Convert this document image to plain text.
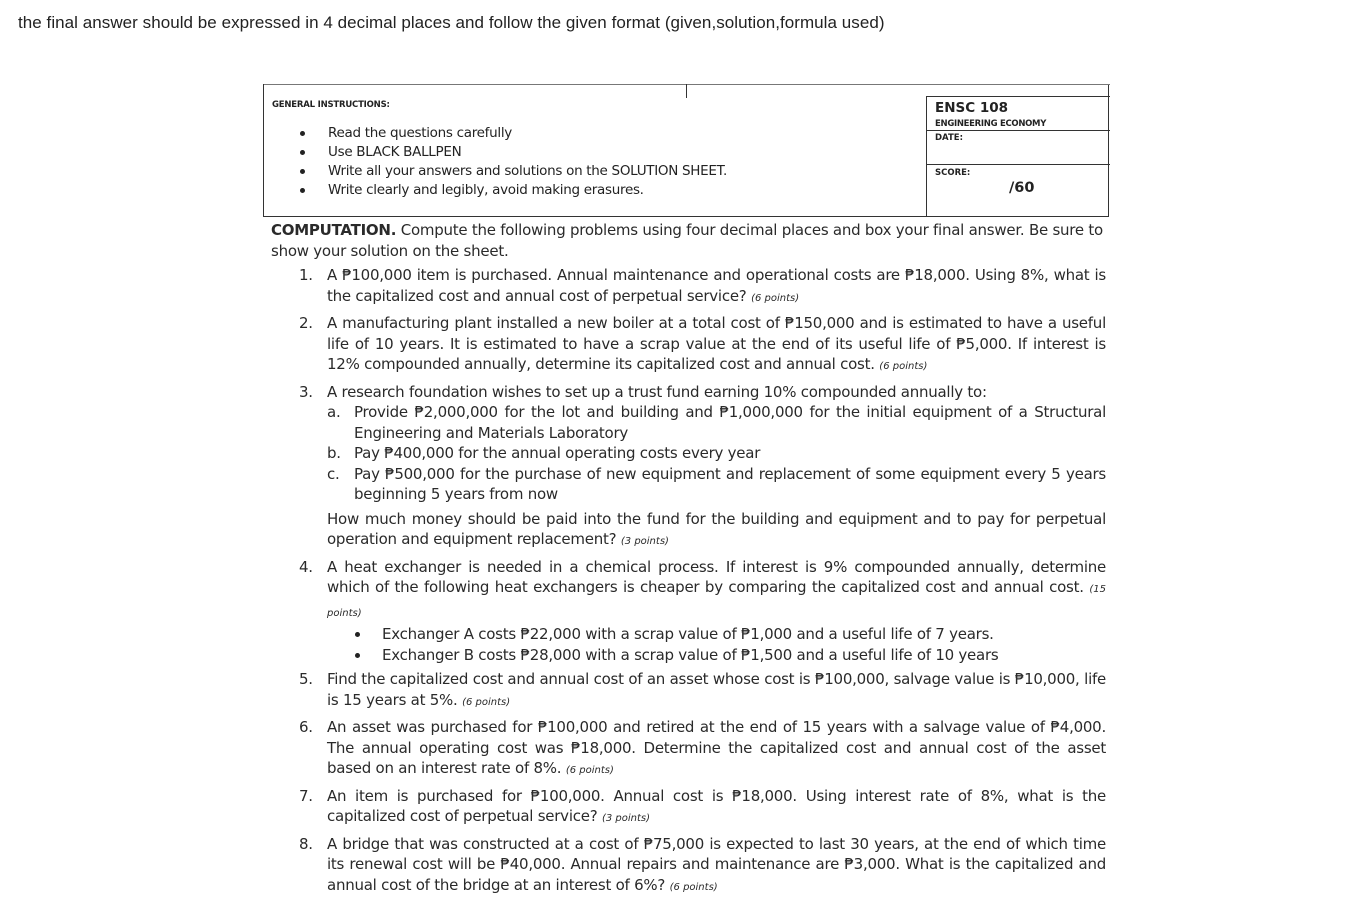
the final answer should be expressed in 4 decimal places and follow the given format (given,solution,formula used)
GENERAL INSTRUCTIONS:
Read the questions carefully
Use BLACK BALLPEN
Write all your answers and solutions on the SOLUTION SHEET.
Write clearly and legibly, avoid making erasures.
ENSC 108
ENGINEERING ECONOMY
DATE:
SCORE:
/60

COMPUTATION. Compute the following problems using four decimal places and box your final answer. Be sure to show your solution on the sheet.

1. A ₱100,000 item is purchased. Annual maintenance and operational costs are ₱18,000. Using 8%, what is the capitalized cost and annual cost of perpetual service? (6 points)
2. A manufacturing plant installed a new boiler at a total cost of ₱150,000 and is estimated to have a useful life of 10 years. It is estimated to have a scrap value at the end of its useful life of ₱5,000. If interest is 12% compounded annually, determine its capitalized cost and annual cost. (6 points)
3. A research foundation wishes to set up a trust fund earning 10% compounded annually to:
a. Provide ₱2,000,000 for the lot and building and ₱1,000,000 for the initial equipment of a Structural Engineering and Materials Laboratory
b. Pay ₱400,000 for the annual operating costs every year
c. Pay ₱500,000 for the purchase of new equipment and replacement of some equipment every 5 years beginning 5 years from now
How much money should be paid into the fund for the building and equipment and to pay for perpetual operation and equipment replacement? (3 points)
4. A heat exchanger is needed in a chemical process. If interest is 9% compounded annually, determine which of the following heat exchangers is cheaper by comparing the capitalized cost and annual cost. (15 points)
Exchanger A costs ₱22,000 with a scrap value of ₱1,000 and a useful life of 7 years.
Exchanger B costs ₱28,000 with a scrap value of ₱1,500 and a useful life of 10 years
5. Find the capitalized cost and annual cost of an asset whose cost is ₱100,000, salvage value is ₱10,000, life is 15 years at 5%. (6 points)
6. An asset was purchased for ₱100,000 and retired at the end of 15 years with a salvage value of ₱4,000. The annual operating cost was ₱18,000. Determine the capitalized cost and annual cost of the asset based on an interest rate of 8%. (6 points)
7. An item is purchased for ₱100,000. Annual cost is ₱18,000. Using interest rate of 8%, what is the capitalized cost of perpetual service? (3 points)
8. A bridge that was constructed at a cost of ₱75,000 is expected to last 30 years, at the end of which time its renewal cost will be ₱40,000. Annual repairs and maintenance are ₱3,000. What is the capitalized and annual cost of the bridge at an interest of 6%? (6 points)
